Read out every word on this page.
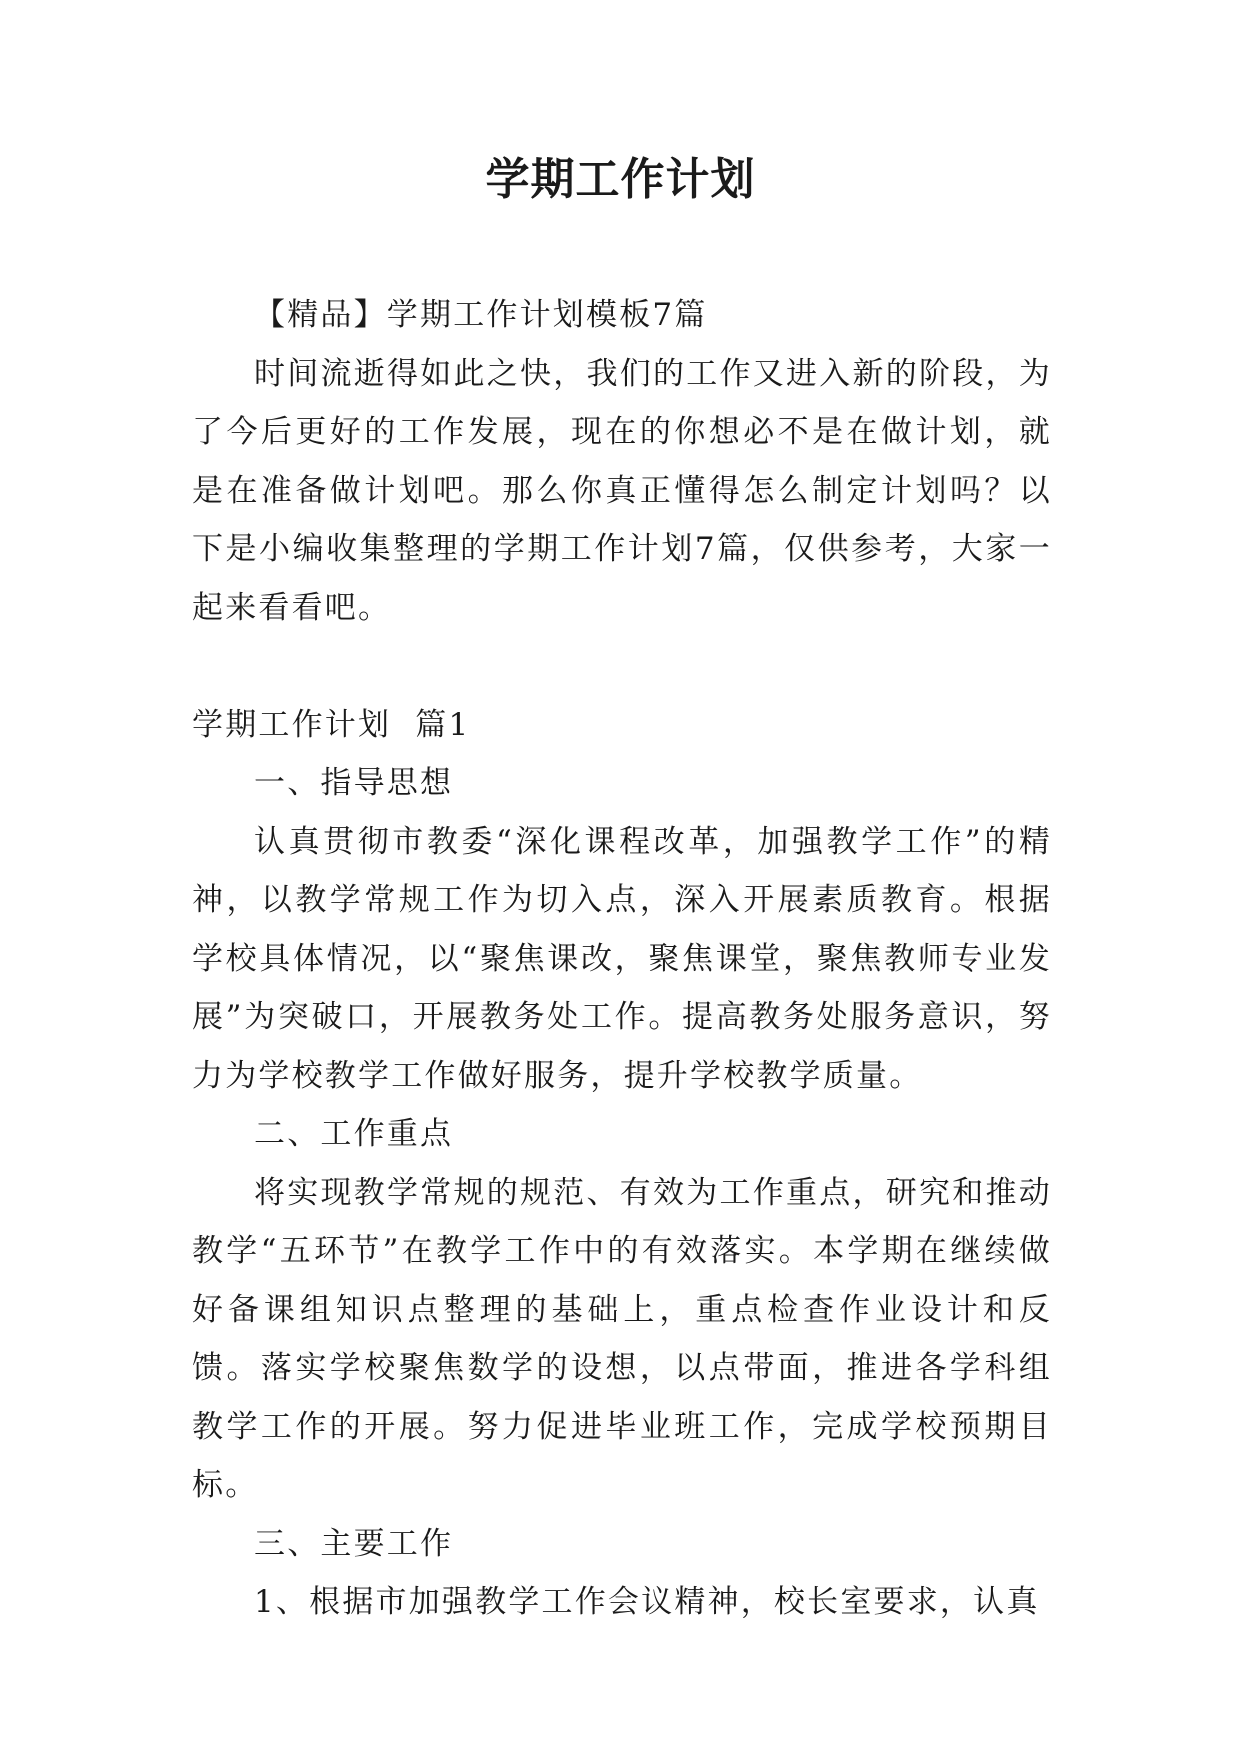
学期工作计划

【精品】学期工作计划模板7篇

时间流逝得如此之快，我们的工作又进入新的阶段，为了今后更好的工作发展，现在的你想必不是在做计划，就是在准备做计划吧。那么你真正懂得怎么制定计划吗？以下是小编收集整理的学期工作计划7篇，仅供参考，大家一起来看看吧。

学期工作计划  篇1

一、指导思想

认真贯彻市教委“深化课程改革，加强教学工作”的精神，以教学常规工作为切入点，深入开展素质教育。根据学校具体情况，以“聚焦课改，聚焦课堂，聚焦教师专业发展”为突破口，开展教务处工作。提高教务处服务意识，努力为学校教学工作做好服务，提升学校教学质量。

二、工作重点

将实现教学常规的规范、有效为工作重点，研究和推动教学“五环节”在教学工作中的有效落实。本学期在继续做好备课组知识点整理的基础上，重点检查作业设计和反馈。落实学校聚焦数学的设想，以点带面，推进各学科组教学工作的开展。努力促进毕业班工作，完成学校预期目标。

三、主要工作

1、根据市加强教学工作会议精神，校长室要求，认真
